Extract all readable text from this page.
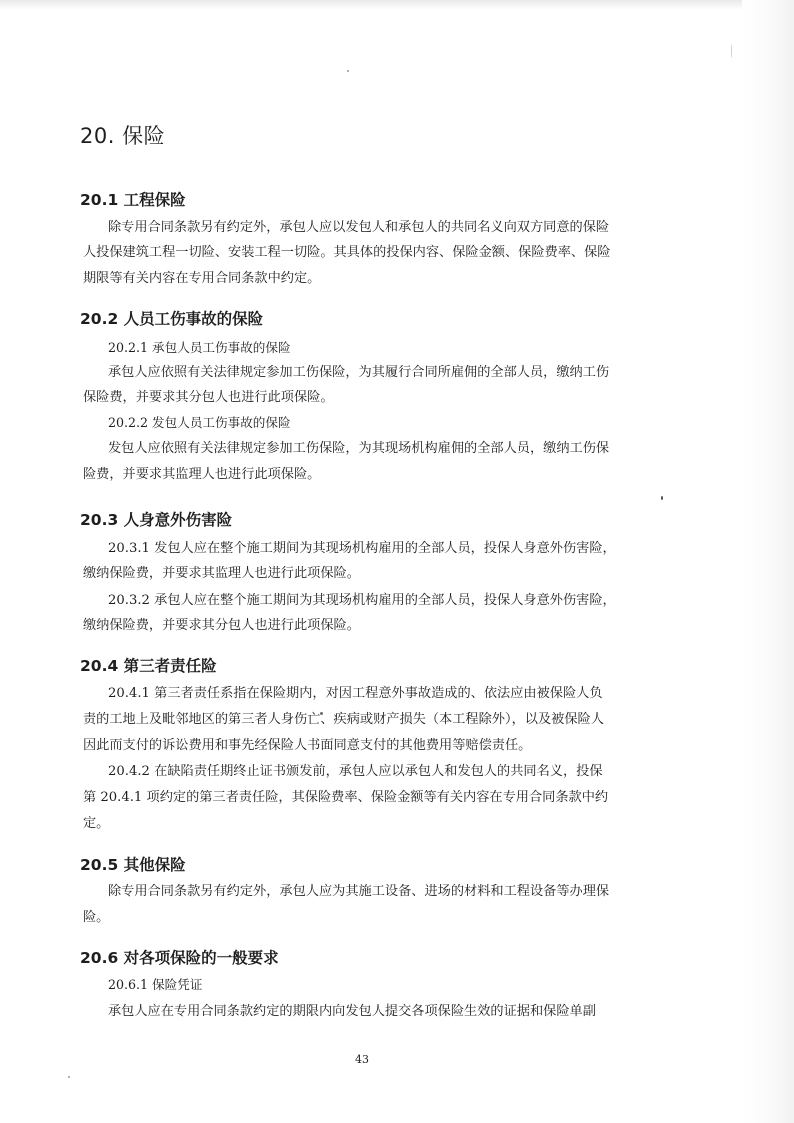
20. 保险
20.1 工程保险
除专用合同条款另有约定外，承包人应以发包人和承包人的共同名义向双方同意的保险
人投保建筑工程一切险、安装工程一切险。其具体的投保内容、保险金额、保险费率、保险
期限等有关内容在专用合同条款中约定。
20.2 人员工伤事故的保险
20.2.1 承包人员工伤事故的保险
承包人应依照有关法律规定参加工伤保险，为其履行合同所雇佣的全部人员，缴纳工伤
保险费，并要求其分包人也进行此项保险。
20.2.2 发包人员工伤事故的保险
发包人应依照有关法律规定参加工伤保险，为其现场机构雇佣的全部人员，缴纳工伤保
险费，并要求其监理人也进行此项保险。
20.3 人身意外伤害险
20.3.1 发包人应在整个施工期间为其现场机构雇用的全部人员，投保人身意外伤害险，
缴纳保险费，并要求其监理人也进行此项保险。
20.3.2 承包人应在整个施工期间为其现场机构雇用的全部人员，投保人身意外伤害险，
缴纳保险费，并要求其分包人也进行此项保险。
20.4 第三者责任险
20.4.1 第三者责任系指在保险期内，对因工程意外事故造成的、依法应由被保险人负
责的工地上及毗邻地区的第三者人身伤亡、疾病或财产损失（本工程除外），以及被保险人
因此而支付的诉讼费用和事先经保险人书面同意支付的其他费用等赔偿责任。
20.4.2 在缺陷责任期终止证书颁发前，承包人应以承包人和发包人的共同名义，投保
第 20.4.1 项约定的第三者责任险，其保险费率、保险金额等有关内容在专用合同条款中约
定。
20.5 其他保险
除专用合同条款另有约定外，承包人应为其施工设备、进场的材料和工程设备等办理保
险。
20.6 对各项保险的一般要求
20.6.1 保险凭证
承包人应在专用合同条款约定的期限内向发包人提交各项保险生效的证据和保险单副
43
